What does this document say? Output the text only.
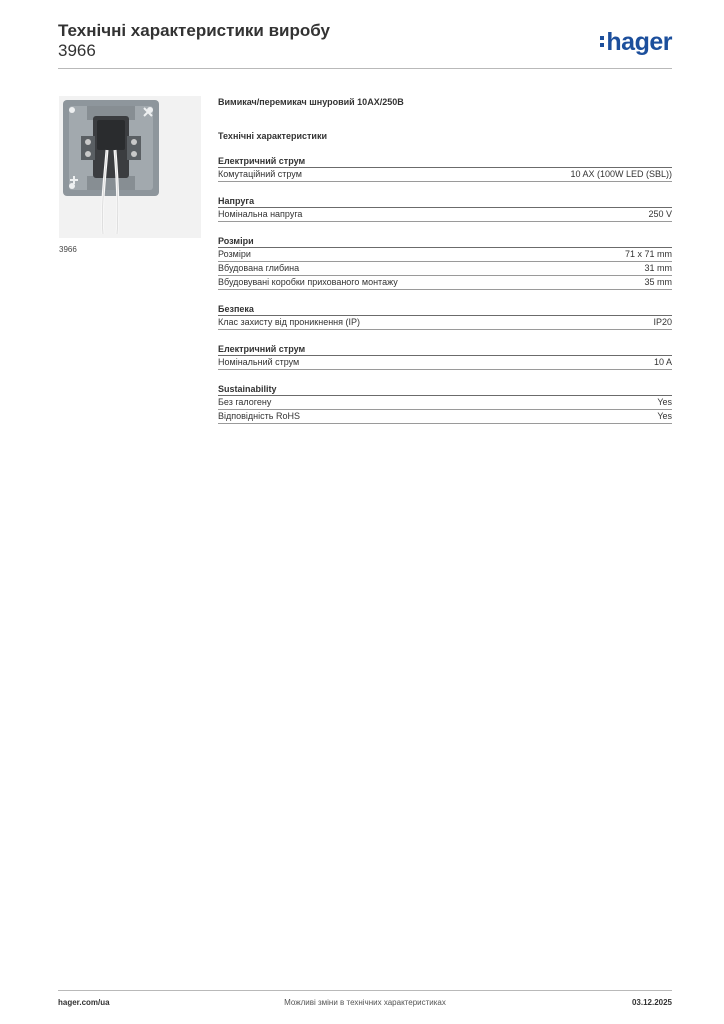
Технічні характеристики виробу
3966	hager
3966
Вимикач/перемикач шнуровий 10AX/250В
Технічні характеристики
Електричний струм
Комутаційний струм	10 AX (100W LED (SBL))
Напруга
Номінальна напруга	250 V
Розміри
Розміри	71 x 71 mm
Вбудована глибина	31 mm
Вбудовувані коробки прихованого монтажу	35 mm
Безпека
Клас захисту від проникнення (IP)	IP20
Електричний струм
Номінальний струм	10 A
Sustainability
Без галогену	Yes
Відповідність RoHS	Yes
hager.com/ua	Можливі зміни в технічних характеристиках	03.12.2025
